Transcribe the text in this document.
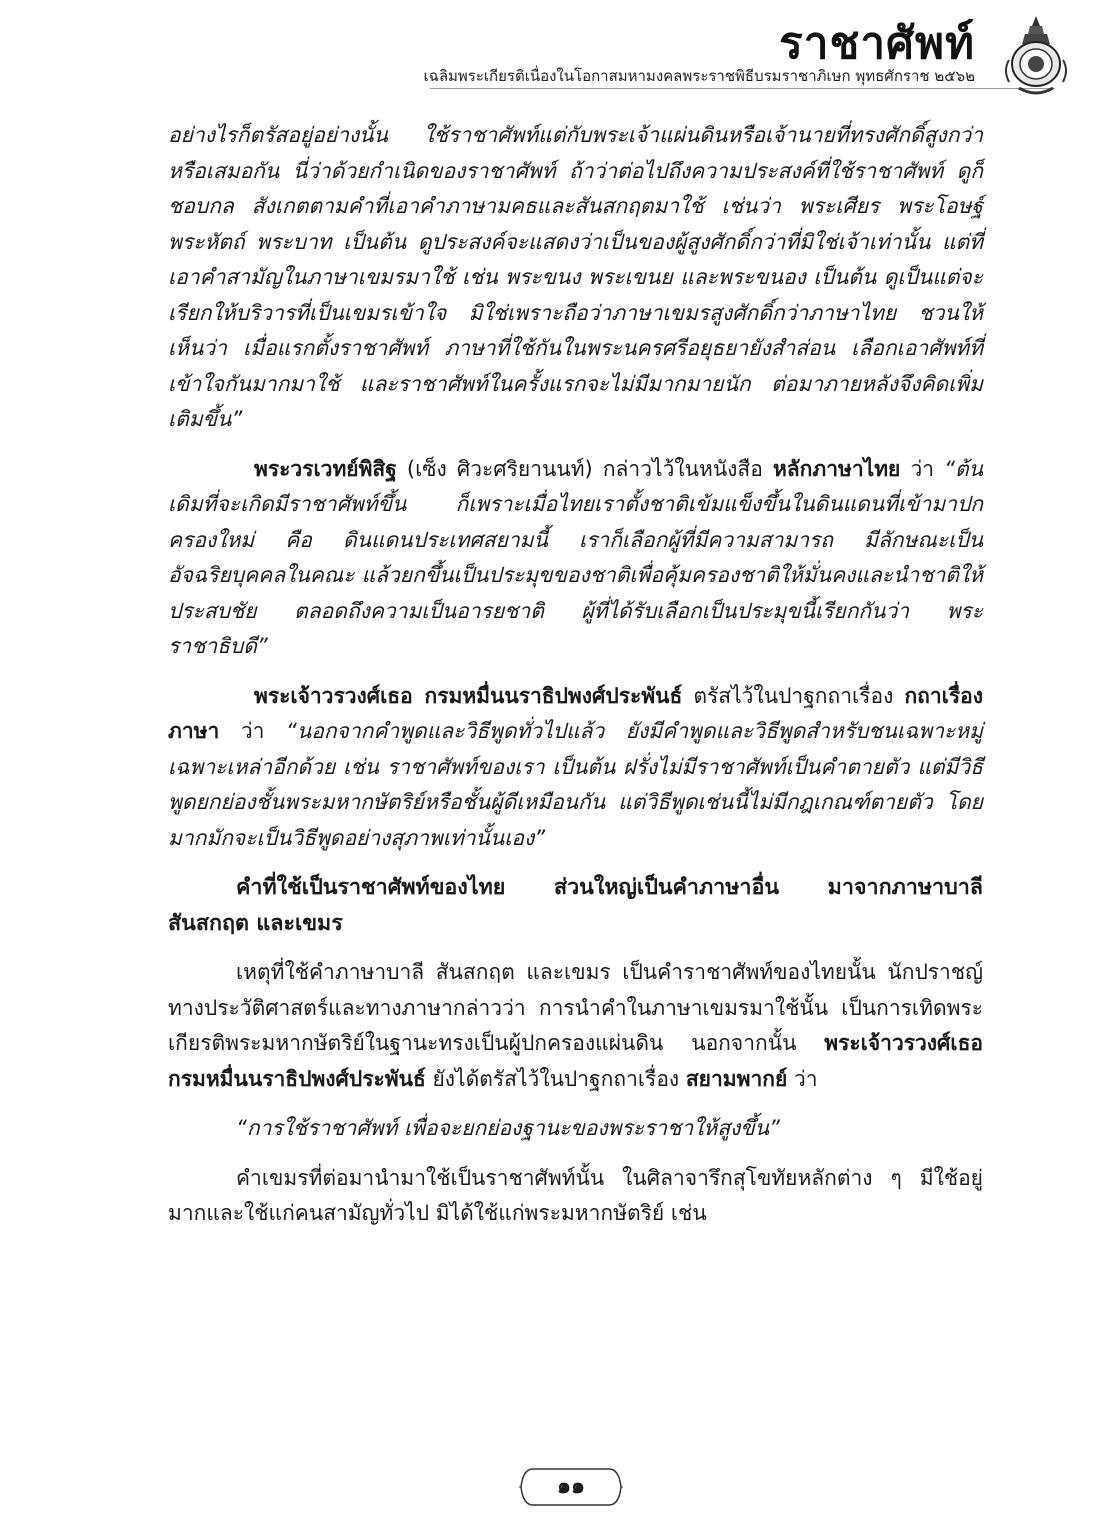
ราชาศัพท์
เฉลิมพระเกียรติเนื่องในโอกาสมหามงคลพระราชพิธีบรมราชาภิเษก พุทธศักราช ๒๕๖๒

อย่างไรก็ตรัสอยู่อย่างนั้น ใช้ราชาศัพท์แต่กับพระเจ้าแผ่นดินหรือเจ้านายที่ทรงศักดิ์สูงกว่าหรือเสมอกัน นี่ว่าด้วยกำเนิดของราชาศัพท์ ถ้าว่าต่อไปถึงความประสงค์ที่ใช้ราชาศัพท์ ดูก็ชอบกล สังเกตตามคำที่เอาคำภาษามคธและสันสกฤตมาใช้ เช่นว่า พระเศียร พระโอษฐ์ พระหัตถ์ พระบาท เป็นต้น ดูประสงค์จะแสดงว่าเป็นของผู้สูงศักดิ์กว่าที่มิใช่เจ้าเท่านั้น แต่ที่เอาคำสามัญในภาษาเขมรมาใช้ เช่น พระขนง พระเขนย และพระขนอง เป็นต้น ดูเป็นแต่จะเรียกให้บริวารที่เป็นเขมรเข้าใจ มิใช่เพราะถือว่าภาษาเขมรสูงศักดิ์กว่าภาษาไทย ชวนให้เห็นว่า เมื่อแรกตั้งราชาศัพท์ ภาษาที่ใช้กันในพระนครศรีอยุธยายังสำส่อน เลือกเอาศัพท์ที่เข้าใจกันมากมาใช้ และราชาศัพท์ในครั้งแรกจะไม่มีมากมายนัก ต่อมาภายหลังจึงคิดเพิ่มเติมขึ้น”

พระวรเวทย์พิสิฐ (เซ็ง ศิวะศริยานนท์) กล่าวไว้ในหนังสือ หลักภาษาไทย ว่า “ต้นเดิมที่จะเกิดมีราชาศัพท์ขึ้น ก็เพราะเมื่อไทยเราตั้งชาติเข้มแข็งขึ้นในดินแดนที่เข้ามาปกครองใหม่ คือ ดินแดนประเทศสยามนี้ เราก็เลือกผู้ที่มีความสามารถ มีลักษณะเป็นอัจฉริยบุคคลในคณะ แล้วยกขึ้นเป็นประมุขของชาติเพื่อคุ้มครองชาติให้มั่นคงและนำชาติให้ประสบชัย ตลอดถึงความเป็นอารยชาติ ผู้ที่ได้รับเลือกเป็นประมุขนี้เรียกกันว่า พระราชาธิบดี”

พระเจ้าวรวงศ์เธอ กรมหมื่นนราธิปพงศ์ประพันธ์ ตรัสไว้ในปาฐกถาเรื่อง กถาเรื่องภาษา ว่า “นอกจากคำพูดและวิธีพูดทั่วไปแล้ว ยังมีคำพูดและวิธีพูดสำหรับชนเฉพาะหมู่เฉพาะเหล่าอีกด้วย เช่น ราชาศัพท์ของเรา เป็นต้น ฝรั่งไม่มีราชาศัพท์เป็นคำตายตัว แต่มีวิธีพูดยกย่องชั้นพระมหากษัตริย์หรือชั้นผู้ดีเหมือนกัน แต่วิธีพูดเช่นนี้ไม่มีกฎเกณฑ์ตายตัว โดยมากมักจะเป็นวิธีพูดอย่างสุภาพเท่านั้นเอง”

คำที่ใช้เป็นราชาศัพท์ของไทย ส่วนใหญ่เป็นคำภาษาอื่น มาจากภาษาบาลี สันสกฤต และเขมร

เหตุที่ใช้คำภาษาบาลี สันสกฤต และเขมร เป็นคำราชาศัพท์ของไทยนั้น นักปราชญ์ทางประวัติศาสตร์และทางภาษากล่าวว่า การนำคำในภาษาเขมรมาใช้นั้น เป็นการเทิดพระเกียรติพระมหากษัตริย์ในฐานะทรงเป็นผู้ปกครองแผ่นดิน นอกจากนั้น พระเจ้าวรวงศ์เธอ กรมหมื่นนราธิปพงศ์ประพันธ์ ยังได้ตรัสไว้ในปาฐกถาเรื่อง สยามพากย์ ว่า

“การใช้ราชาศัพท์ เพื่อจะยกย่องฐานะของพระราชาให้สูงขึ้น”

คำเขมรที่ต่อมานำมาใช้เป็นราชาศัพท์นั้น ในศิลาจารึกสุโขทัยหลักต่าง ๆ มีใช้อยู่มากและใช้แก่คนสามัญทั่วไป มิได้ใช้แก่พระมหากษัตริย์ เช่น

๑๑
